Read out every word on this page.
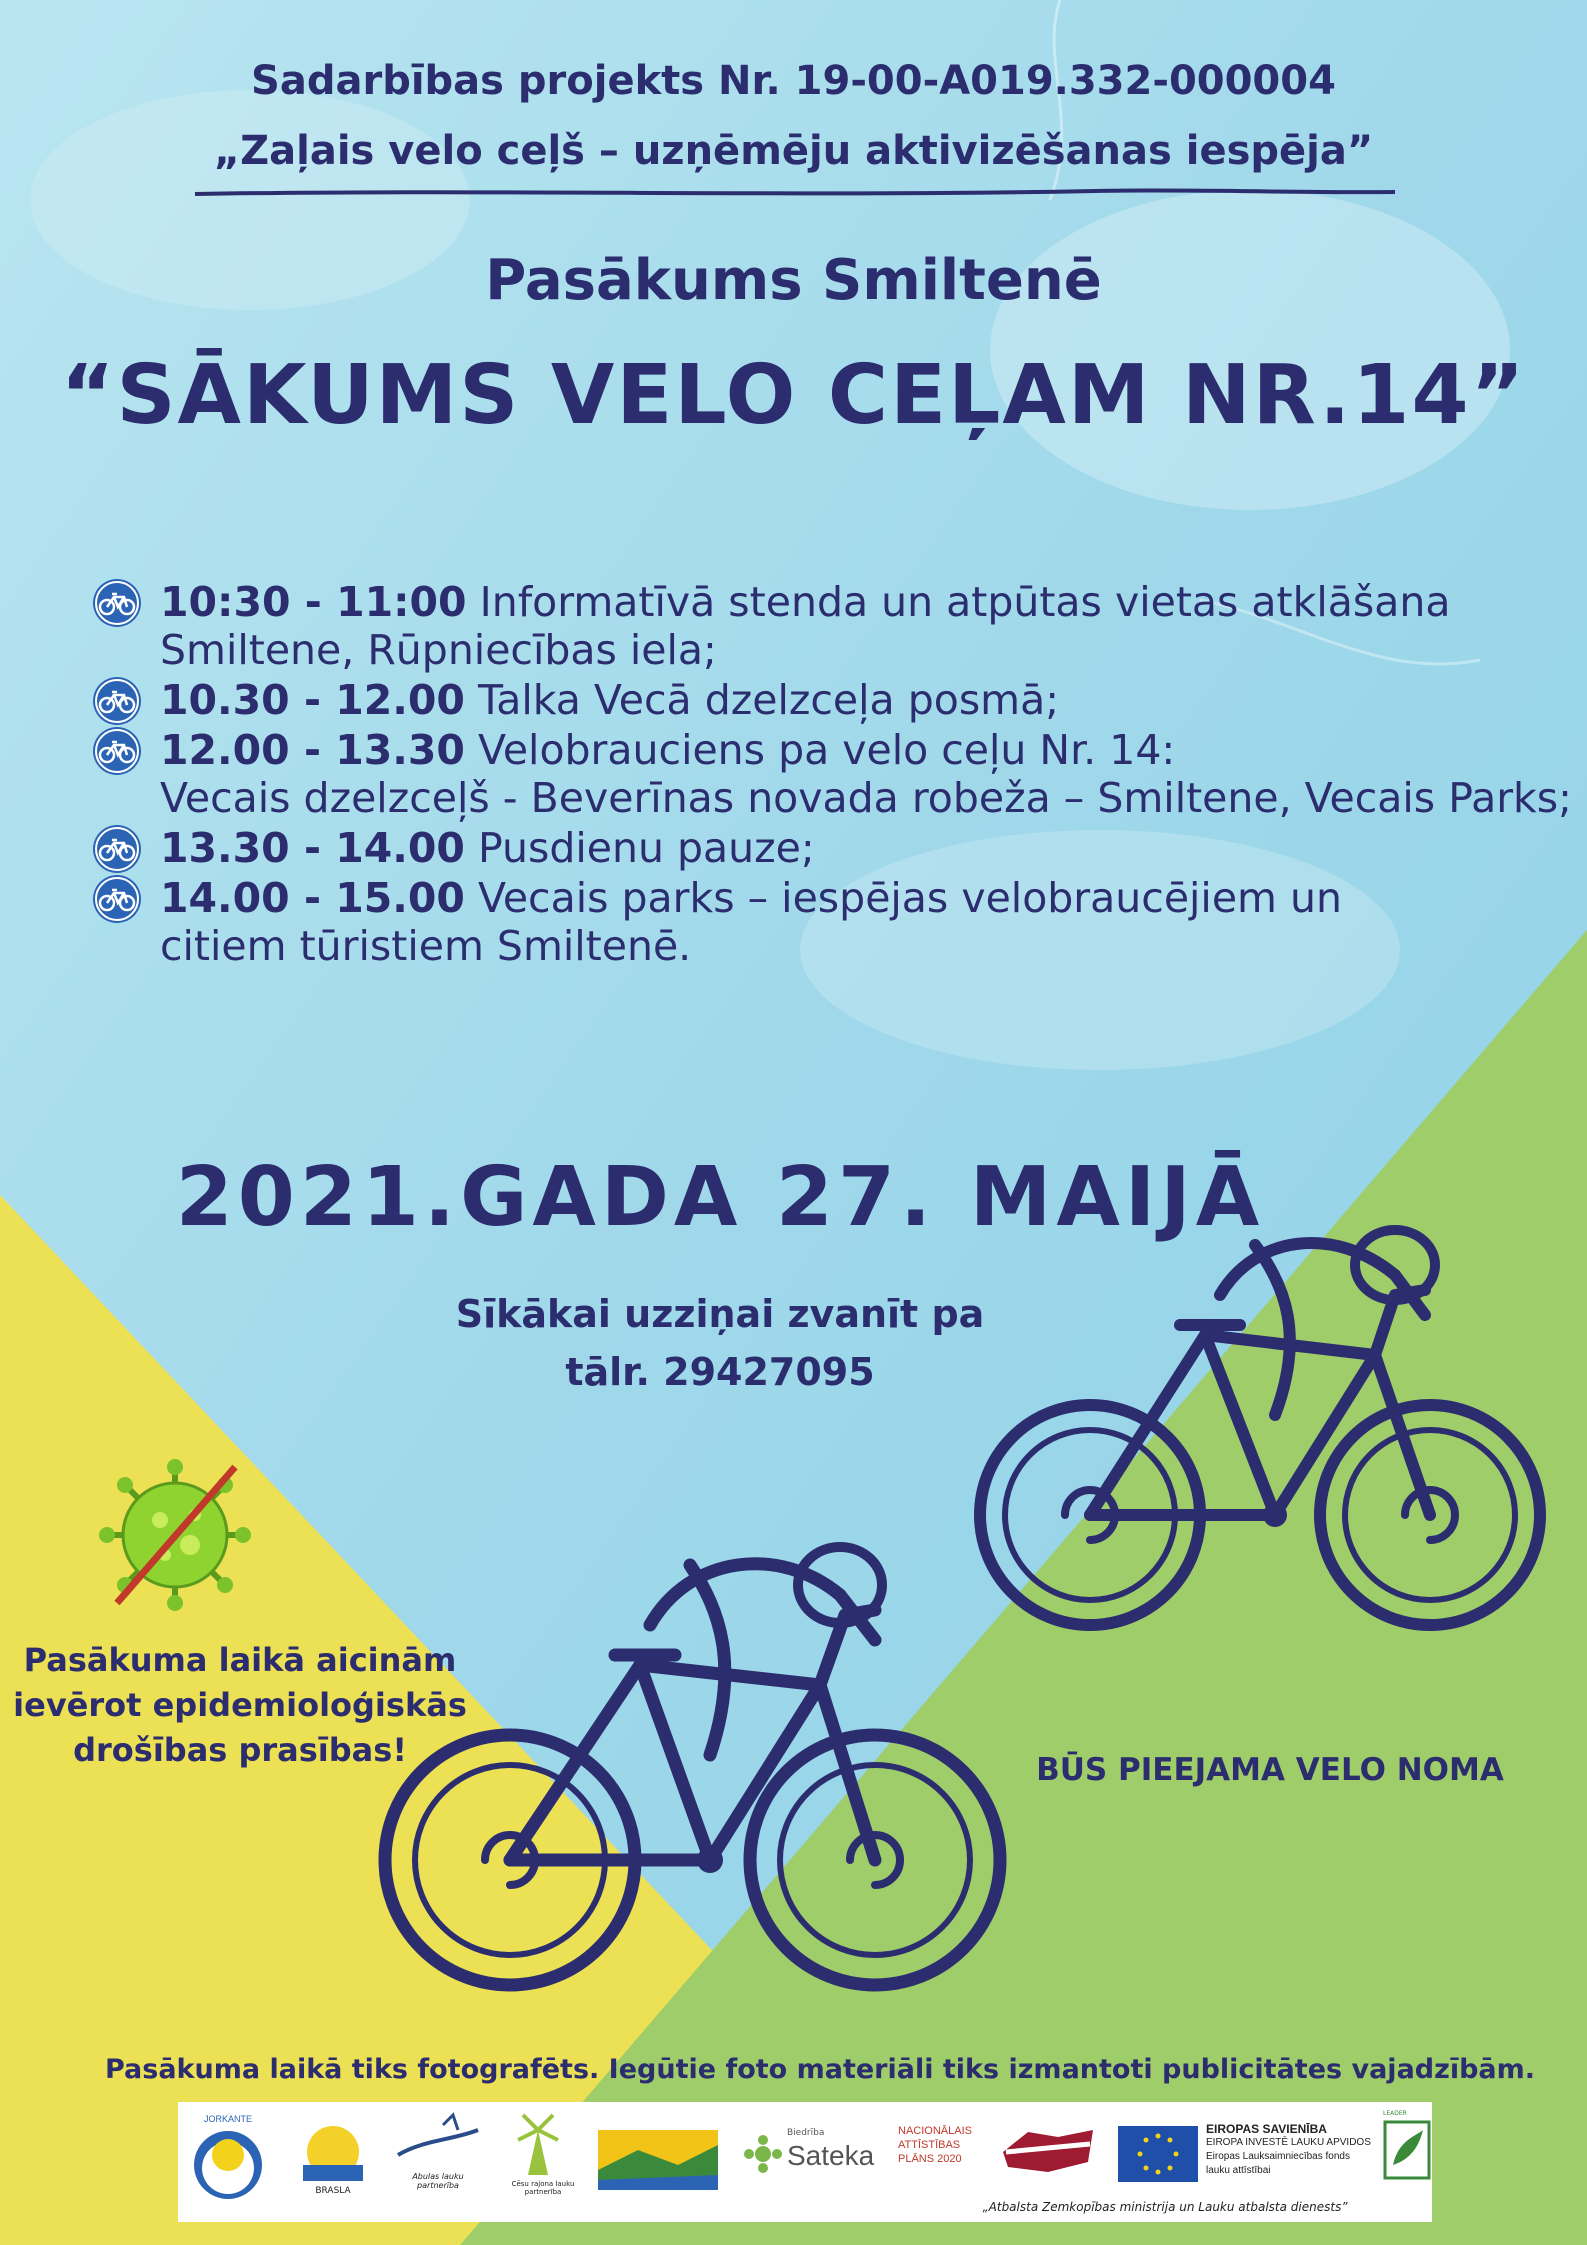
Sadarbības projekts Nr. 19-00-A019.332-000004
„Zaļais velo ceļš – uzņēmēju aktivizēšanas iespēja”
Pasākums Smiltenē
“SĀKUMS VELO CEĻAM NR.14”
10:30 - 11:00 Informatīvā stenda un atpūtas vietas atklāšana
Smiltene, Rūpniecības iela;
10.30 - 12.00 Talka Vecā dzelzceļa posmā;
12.00 - 13.30 Velobrauciens pa velo ceļu Nr. 14:
Vecais dzelzceļš - Beverīnas novada robeža – Smiltene, Vecais Parks;
13.30 - 14.00 Pusdienu pauze;
14.00 - 15.00 Vecais parks – iespējas velobraucējiem un
citiem tūristiem Smiltenē.
2021.GADA 27. MAIJĀ
Sīkākai uzziņai zvanīt pa
tālr. 29427095
Pasākuma laikā aicinām
ievērot epidemioloģiskās
drošības prasības!
BŪS PIEEJAMA VELO NOMA
Pasākuma laikā tiks fotografēts. Iegūtie foto materiāli tiks izmantoti publicitātes vajadzībām.
JORKANTE
BRASLA
Abulas lauku partnerība	Cēsu rajona lauku partnerība
Biedrība
Sateka
NACIONĀLAIS
ATTĪSTĪBAS
PLĀNS 2020
EIROPAS SAVIENĪBA
EIROPA INVESTĒ LAUKU APVIDOS
Eiropas Lauksaimniecības fonds
lauku attīstībai
LEADER
„Atbalsta Zemkopības ministrija un Lauku atbalsta dienests”
